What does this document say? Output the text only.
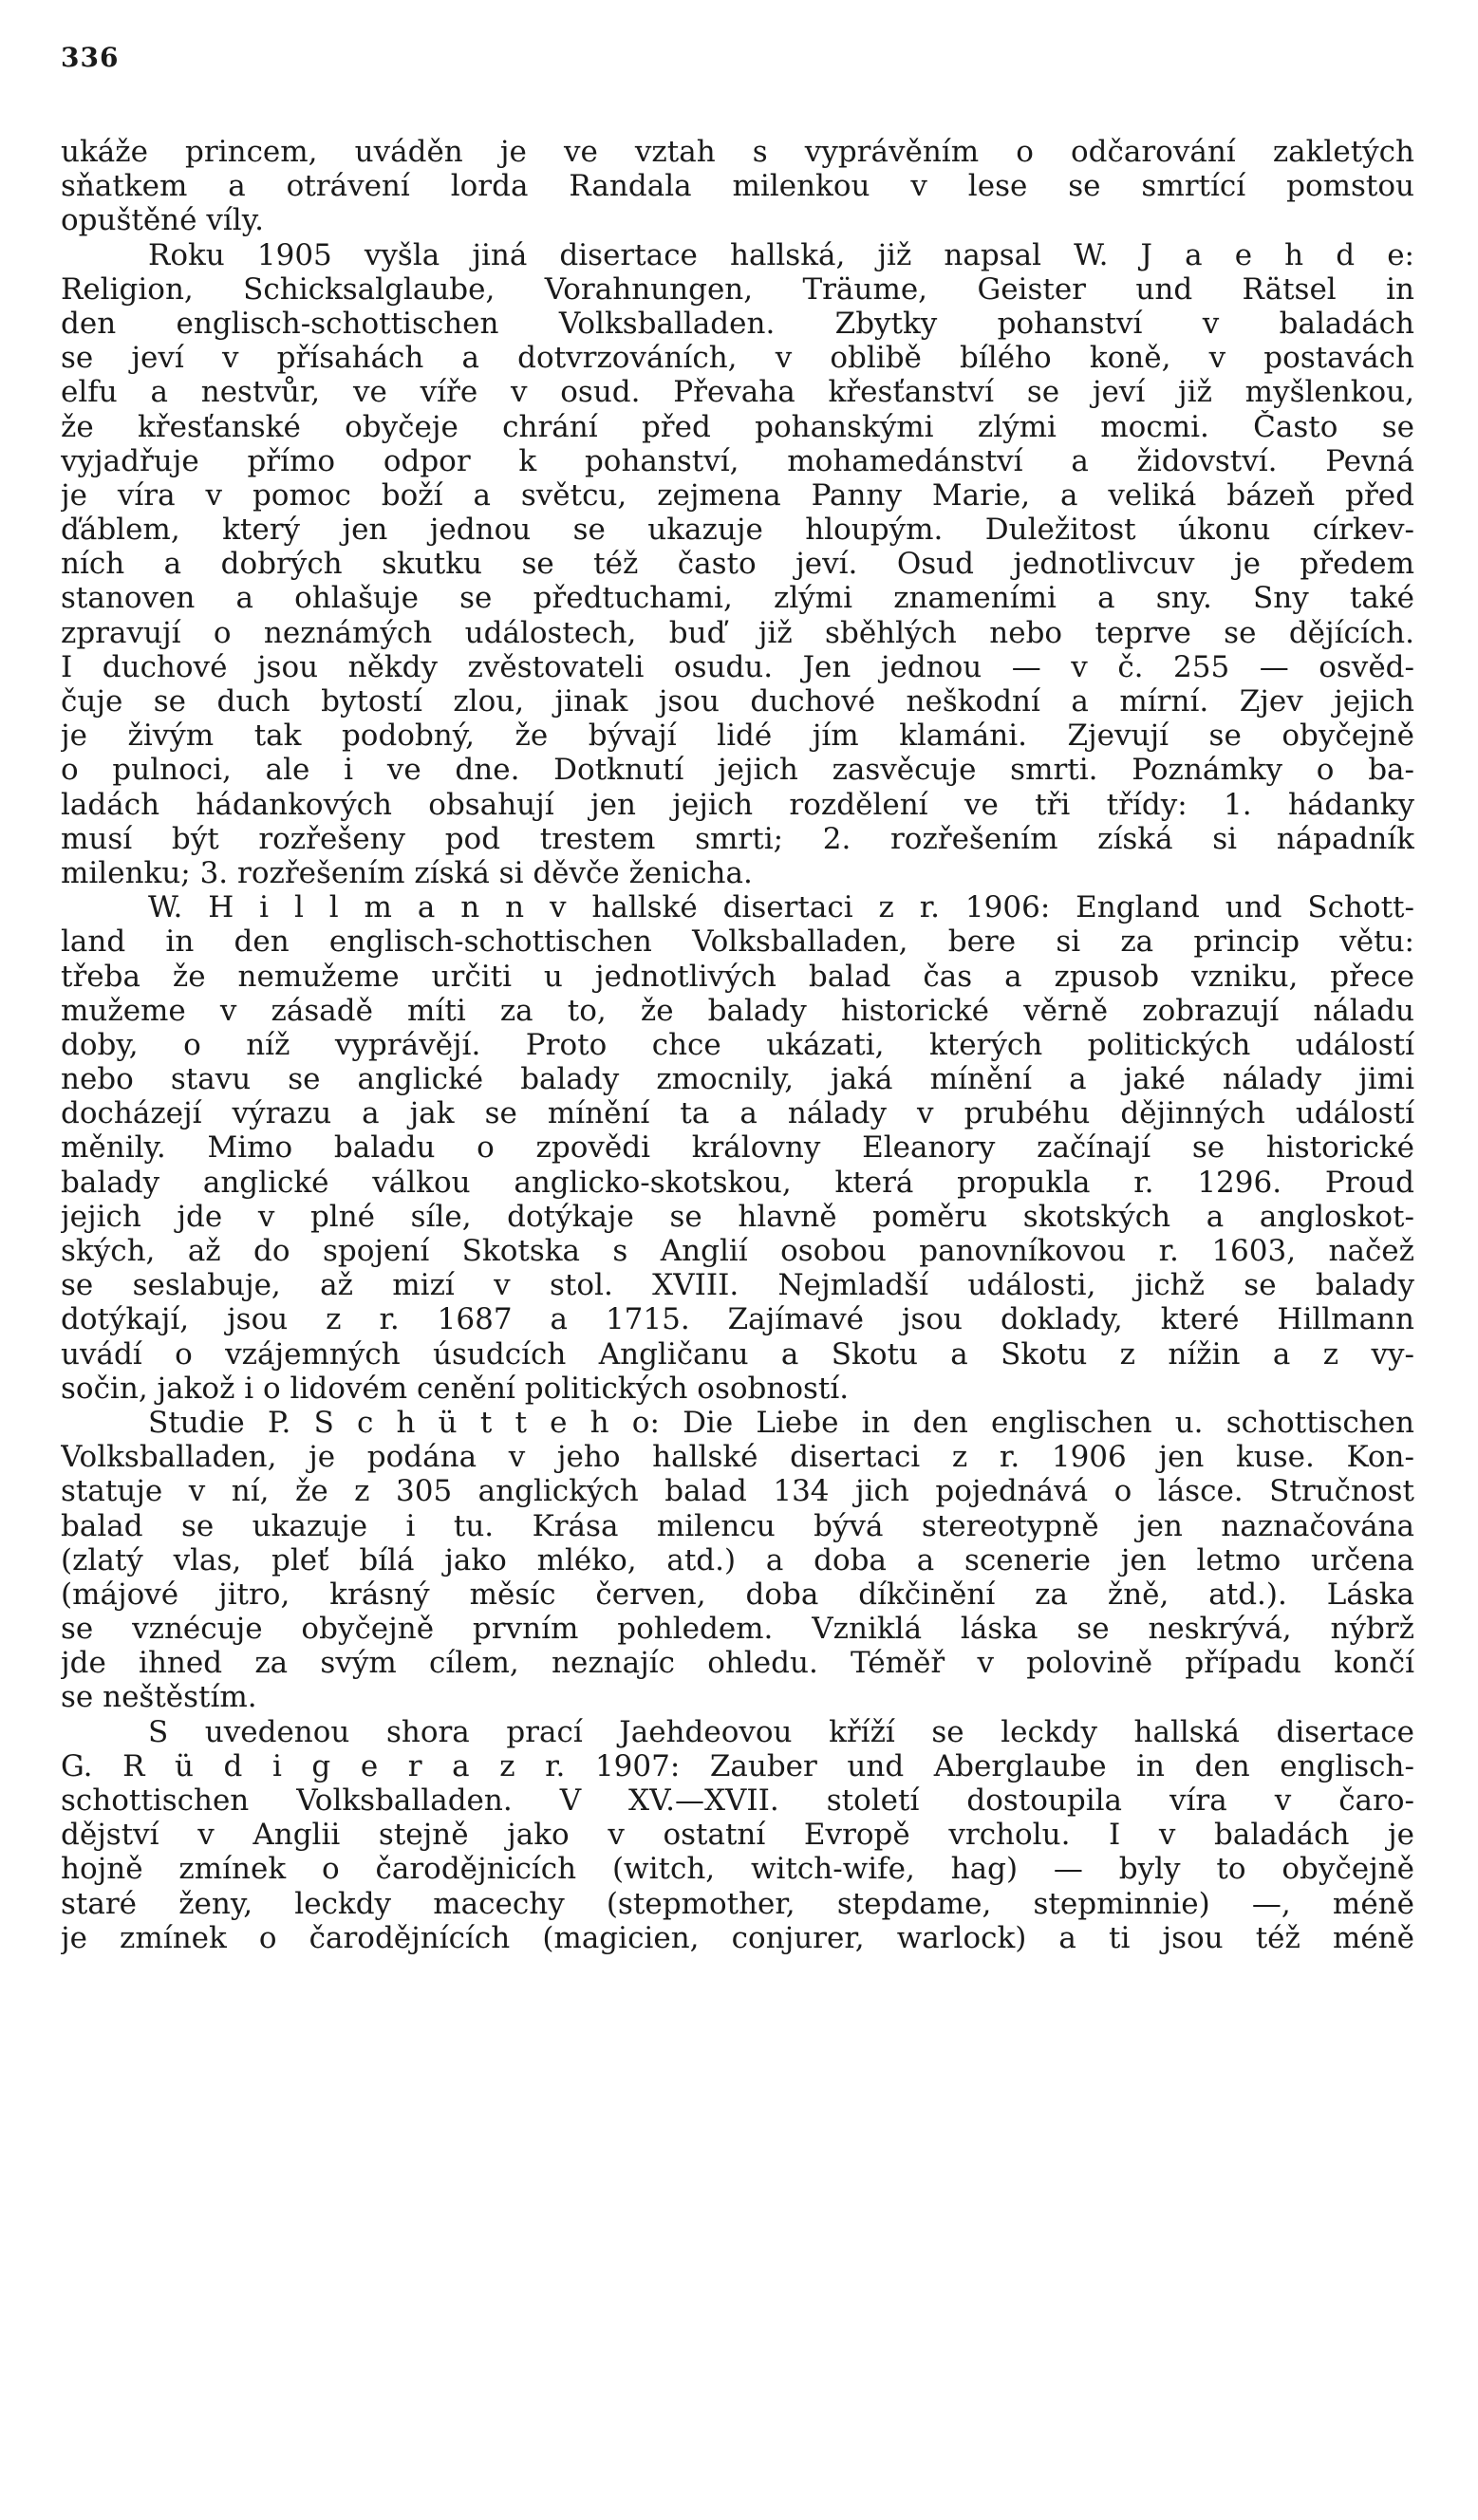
336
ukáže princem, uváděn je ve vztah s vyprávěním o odčarování zakletých
sňatkem a otrávení lorda Randala milenkou v lese se smrtící pomstou
opuštěné víly.
Roku 1905 vyšla jiná disertace hallská, již napsal W. J a e h d e:
Religion, Schicksalglaube, Vorahnungen, Träume, Geister und Rätsel in
den englisch-schottischen Volksballaden. Zbytky pohanství v baladách
se jeví v přísahách a dotvrzováních, v oblibě bílého koně, v postavách
elfu a nestvůr, ve víře v osud. Převaha křesťanství se jeví již myšlenkou,
že křesťanské obyčeje chrání před pohanskými zlými mocmi. Často se
vyjadřuje přímo odpor k pohanství, mohamedánství a židovství. Pevná
je víra v pomoc boží a světcu, zejmena Panny Marie, a veliká bázeň před
ďáblem, který jen jednou se ukazuje hloupým. Duležitost úkonu církev-
ních a dobrých skutku se též často jeví. Osud jednotlivcuv je předem
stanoven a ohlašuje se předtuchami, zlými znameními a sny. Sny také
zpravují o neznámých událostech, buď již sběhlých nebo teprve se dějících.
I duchové jsou někdy zvěstovateli osudu. Jen jednou — v č. 255 — osvěd-
čuje se duch bytostí zlou, jinak jsou duchové neškodní a mírní. Zjev jejich
je živým tak podobný, že bývají lidé jím klamáni. Zjevují se obyčejně
o pulnoci, ale i ve dne. Dotknutí jejich zasvěcuje smrti. Poznámky o ba-
ladách hádankových obsahují jen jejich rozdělení ve tři třídy: 1. hádanky
musí být rozřešeny pod trestem smrti; 2. rozřešením získá si nápadník
milenku; 3. rozřešením získá si děvče ženicha.
W. H i l l m a n n v hallské disertaci z r. 1906: England und Schott-
land in den englisch-schottischen Volksballaden, bere si za princip větu:
třeba že nemužeme určiti u jednotlivých balad čas a zpusob vzniku, přece
mužeme v zásadě míti za to, že balady historické věrně zobrazují náladu
doby, o níž vyprávějí. Proto chce ukázati, kterých politických událostí
nebo stavu se anglické balady zmocnily, jaká mínění a jaké nálady jimi
docházejí výrazu a jak se mínění ta a nálady v prubéhu dějinných událostí
měnily. Mimo baladu o zpovědi královny Eleanory začínají se historické
balady anglické válkou anglicko-skotskou, která propukla r. 1296. Proud
jejich jde v plné síle, dotýkaje se hlavně poměru skotských a angloskot-
ských, až do spojení Skotska s Anglií osobou panovníkovou r. 1603, načež
se seslabuje, až mizí v stol. XVIII. Nejmladší události, jichž se balady
dotýkají, jsou z r. 1687 a 1715. Zajímavé jsou doklady, které Hillmann
uvádí o vzájemných úsudcích Angličanu a Skotu a Skotu z nížin a z vy-
sočin, jakož i o lidovém cenění politických osobností.
Studie P. S c h ü t t e h o: Die Liebe in den englischen u. schottischen
Volksballaden, je podána v jeho hallské disertaci z r. 1906 jen kuse. Kon-
statuje v ní, že z 305 anglických balad 134 jich pojednává o lásce. Stručnost
balad se ukazuje i tu. Krása milencu bývá stereotypně jen naznačována
(zlatý vlas, pleť bílá jako mléko, atd.) a doba a scenerie jen letmo určena
(májové jitro, krásný měsíc červen, doba díkčinění za žně, atd.). Láska
se vznécuje obyčejně prvním pohledem. Vzniklá láska se neskrývá, nýbrž
jde ihned za svým cílem, neznajíc ohledu. Téměř v polovině případu končí
se neštěstím.
S uvedenou shora prací Jaehdeovou kříží se leckdy hallská disertace
G. R ü d i g e r a z r. 1907: Zauber und Aberglaube in den englisch-
schottischen Volksballaden. V XV.—XVII. století dostoupila víra v čaro-
dějství v Anglii stejně jako v ostatní Evropě vrcholu. I v baladách je
hojně zmínek o čarodějnicích (witch, witch-wife, hag) — byly to obyčejně
staré ženy, leckdy macechy (stepmother, stepdame, stepminnie) —, méně
je zmínek o čarodějnících (magicien, conjurer, warlock) a ti jsou též méně
